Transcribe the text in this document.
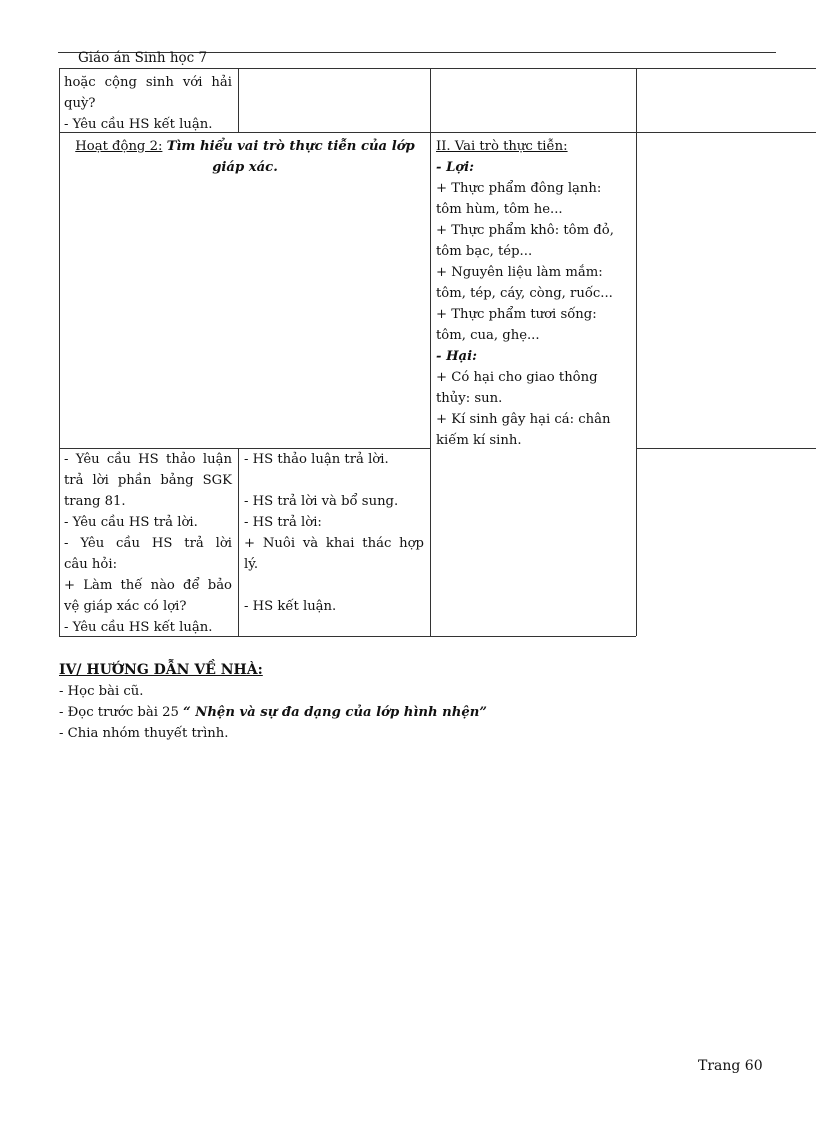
Giáo án Sinh học 7
hoặc cộng sinh với hải
quỳ?
- Yêu cầu HS kết luận.
Hoạt động 2: Tìm hiểu vai trò thực tiễn của lớp
giáp xác.
II. Vai trò thực tiễn:
- Lợi:
+ Thực phẩm đông lạnh:
tôm hùm, tôm he...
+ Thực phẩm khô: tôm đỏ,
tôm bạc, tép...
+ Nguyên liệu làm mắm:
tôm, tép, cáy, còng, ruốc...
+ Thực phẩm tươi sống:
tôm, cua, ghẹ...
- Hại:
+ Có hại cho giao thông
thủy: sun.
+ Kí sinh gây hại cá: chân
kiếm kí sinh.
- Yêu cầu HS thảo luận
trả lời phần bảng SGK
trang 81.
- Yêu cầu HS trả lời.
- Yêu cầu HS trả lời
câu hỏi:
+ Làm thế nào để bảo
vệ giáp xác có lợi?
- Yêu cầu HS kết luận.
- HS thảo luận trả lời.

- HS trả lời và bổ sung.
- HS trả lời:
+ Nuôi và khai thác hợp
lý.

- HS kết luận.
IV/ HƯỚNG DẪN VỀ NHÀ:
- Học bài cũ.
- Đọc trước bài 25 “ Nhện và sự đa dạng của lớp hình nhện”
- Chia nhóm thuyết trình.
Trang 60
